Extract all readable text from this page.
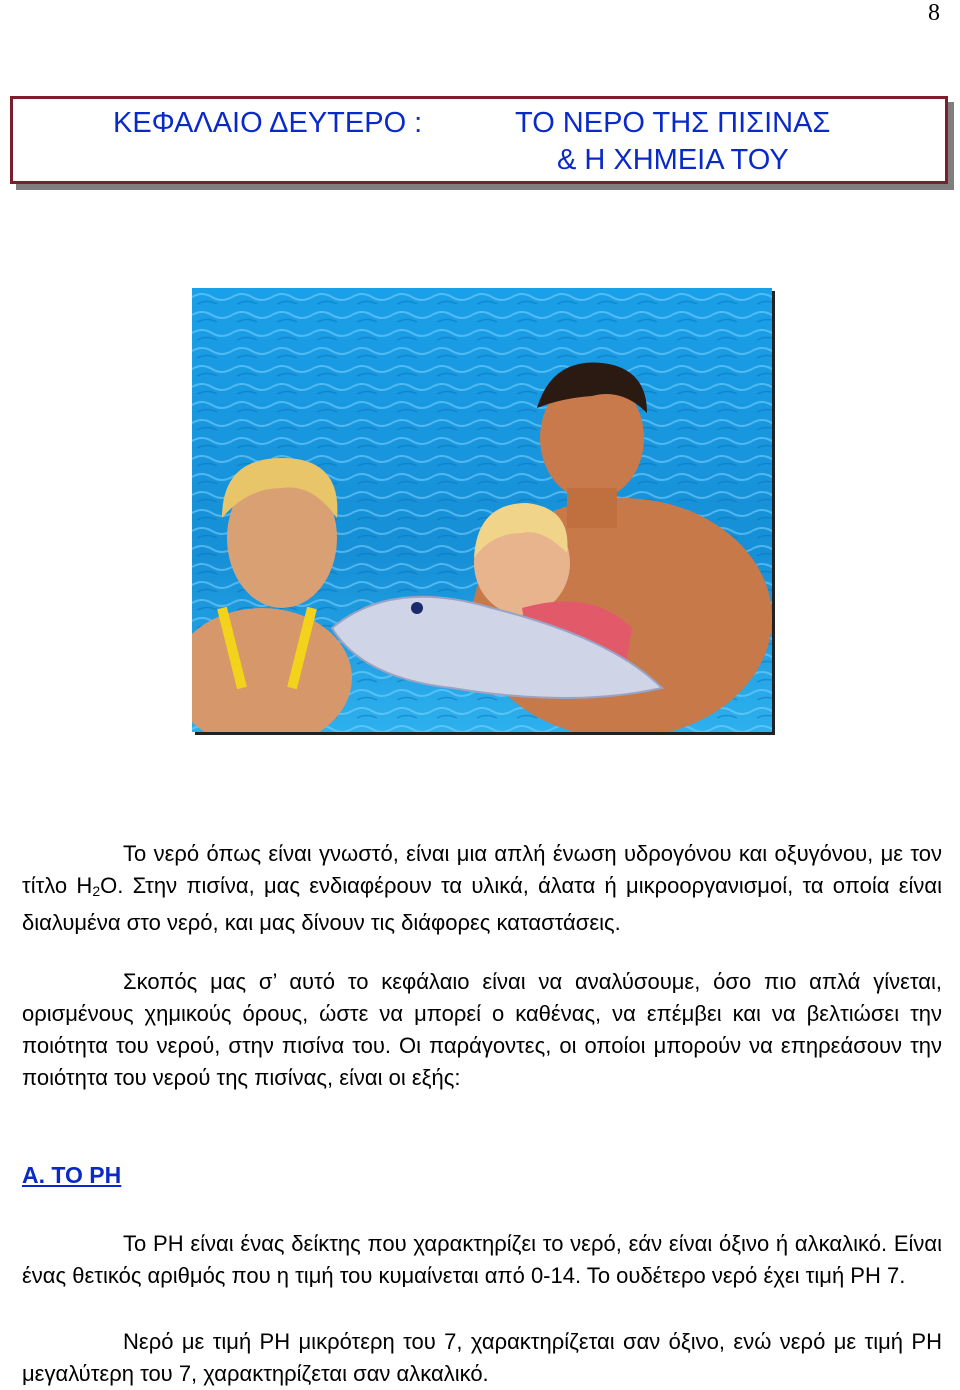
8
ΚΕΦΑΛΑΙΟ ΔΕΥΤΕΡΟ :	ΤΟ ΝΕΡΟ ΤΗΣ ΠΙΣΙΝΑΣ
& Η ΧΗΜΕΙΑ ΤΟΥ

Το νερό όπως είναι γνωστό, είναι μια απλή ένωση υδρογόνου και οξυγόνου, με τον τίτλο $H_2O$. Στην πισίνα, μας ενδιαφέρουν τα υλικά, άλατα ή μικροοργανισμοί, τα οποία είναι διαλυμένα στο νερό, και μας δίνουν τις διάφορες καταστάσεις.

Σκοπός μας σ’ αυτό το κεφάλαιο είναι να αναλύσουμε, όσο πιο απλά γίνεται, ορισμένους χημικούς όρους, ώστε να μπορεί ο καθένας, να επέμβει και να βελτιώσει την ποιότητα του νερού, στην πισίνα του. Οι παράγοντες, οι οποίοι μπορούν να επηρεάσουν την ποιότητα του νερού της πισίνας, είναι οι εξής:

Α. ΤΟ PH

Το PH είναι ένας δείκτης που χαρακτηρίζει το νερό, εάν είναι όξινο ή αλκαλικό. Είναι ένας θετικός αριθμός που η τιμή του κυμαίνεται από 0-14. Το ουδέτερο νερό έχει τιμή PH 7.

Νερό με τιμή PH μικρότερη του 7, χαρακτηρίζεται σαν όξινο, ενώ νερό με τιμή PH μεγαλύτερη του 7, χαρακτηρίζεται σαν αλκαλικό.
